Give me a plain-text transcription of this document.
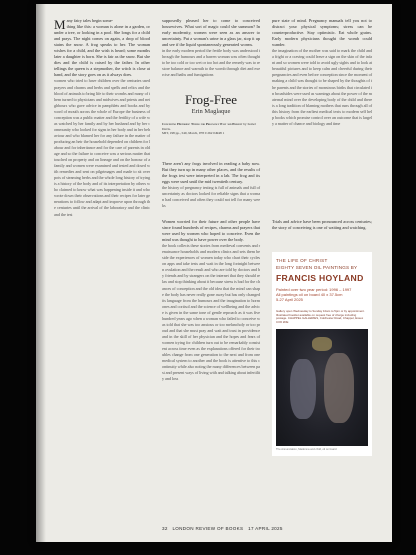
Many fairy tales begin some-

thing like this: a woman is alone in a garden, or under a tree, or looking in a pool. She longs for a child and prays. The night comes on again, a drop of blood stains the snow. A frog speaks to her. The woman wishes for a child, and the wish is heard; some months later a daughter is born. She is fair as the snow. But she dies and the child is raised by the father. In other tellings the queen is a stepmother, the witch is close at hand, and the story goes on as it always does.

women who tried to have children over the centuries used prayers and charms and herbs and spells and relics and the blood of animals to bring life to their wombs and many of them turned to physicians and midwives and priests and neighbours who gave advice in pamphlets and books and by word of mouth across the whole of Europe the business of conception was a public matter and the fertility of a wife was watched by her family and by her husband and by her community who looked for signs in her body and in her behaviour and who blamed her for any failure in the matter of producing an heir the household depended on children for labour and for inheritance and for the care of parents in old age and so the failure to conceive was a serious matter that touched on property and on lineage and on the honour of a family and women were examined and tested and dosed with remedies and sent on pilgrimages and made to sit over pots of steaming herbs and the whole long history of trying is a history of the body and of its interpretation by others who claimed to know what was happening inside it and who wrote down their observations and their recipes for later generations to follow and adapt and improve upon through the centuries until the arrival of the laboratory and the clinic and the test
Frog-Free
Erin Maglaque
Conceiving Histories: Trying for Pregnancy Past and Present by Isobel Davis.
MIT, 198 pp., £40, March, 978 0 262 04948 1

supposedly pleased her to come to conceived housewives. What sort of magic could she summon? In early modernity, women were seen as an answer to uncertainty. Put a woman's urine in a glass jar, stop it up and see if the liquid spontaneously generated worms.

in the early modern period the fertile body was understood through the humours and a barren woman was often thought to be too cold or too wet or too hot and the remedy was to restore balance and warmth to the womb through diet and exercise and baths and fumigations

There aren't any frogs involved in reading a baby now. But they turn up in many other places, and the results of the frogs test were interpreted in a lab. The frog and its eggs were used until the mid twentieth century.

the history of pregnancy testing is full of animals and full of uncertainty as doctors looked for reliable signs that a woman had conceived and often they could not tell for many weeks

Women worried for their future and other people have since found hundreds of recipes, charms and prayers that were used by women who hoped to conceive. Even the mind was thought to have power over the body.

the book collects these stories from medieval convents and renaissance households and modern clinics and sets them beside the experiences of women today who chart their cycles on apps and take tests and wait in the long fortnight between ovulation and the result and who are told by doctors and by friends and by strangers on the internet that they should relax and stop thinking about it because stress is bad for the chances of conception and the old idea that the mind can shape the body has never really gone away but has only changed its language from the humours and the imagination to hormones and cortisol and the science of wellbeing and the advice is given in the same tone of gentle reproach as it was five hundred years ago when a woman who failed to conceive was told that she was too anxious or too melancholy or too proud and that she must pray and wait and trust in providence and in the skill of her physician and the hopes and fears of women trying for children turn out to be remarkably consistent across time even as the explanations offered for their troubles change from one generation to the next and from one medical system to another and the book is attentive to this continuity while also noting the many differences between past and present ways of living with and talking about infertility and loss

pure state of mind. Pregnancy manuals tell you not to distract your physical symptoms; stress can be counterproductive. Stay optimistic. Eat whole grains. Early modern physicians thought the womb could wander.

the imagination of the mother was said to mark the child and a fright or a craving could leave a sign on the skin of the infant and so women were told to avoid ugly sights and to look at beautiful pictures and to keep calm and cheerful during their pregnancies and even before conception since the moment of making a child was thought to be shaped by the thoughts of the parents and the stories of monstrous births that circulated in broadsides were used as warnings about the power of the maternal mind over the developing body of the child and there is a long tradition of blaming mothers that runs through all of this history from the earliest medical texts to modern self help books which promise control over an outcome that is largely a matter of chance and biology and time

Trials and advice have been pronounced across centuries; the story of conceiving is one of waiting and watching.

THE LIFE OF CHRIST
EIGHTY SEVEN OIL PAINTINGS BY
FRANCIS HOYLAND
Painted over two year period: 1996 – 1997
All paintings oil on board 40 x 37.5cm
5-27 April 2025
Gallery open Wednesday to Sunday 10am to 5pm or by appointment. Illustrated booklet available on request free of charge including postage. CHAPPEL GALLERIES, Colchester Road, Chappel, Essex CO6 2DE
The Annunciation, Madonna and child, oil on board
32 LONDON REVIEW OF BOOKS 17 APRIL 2025
